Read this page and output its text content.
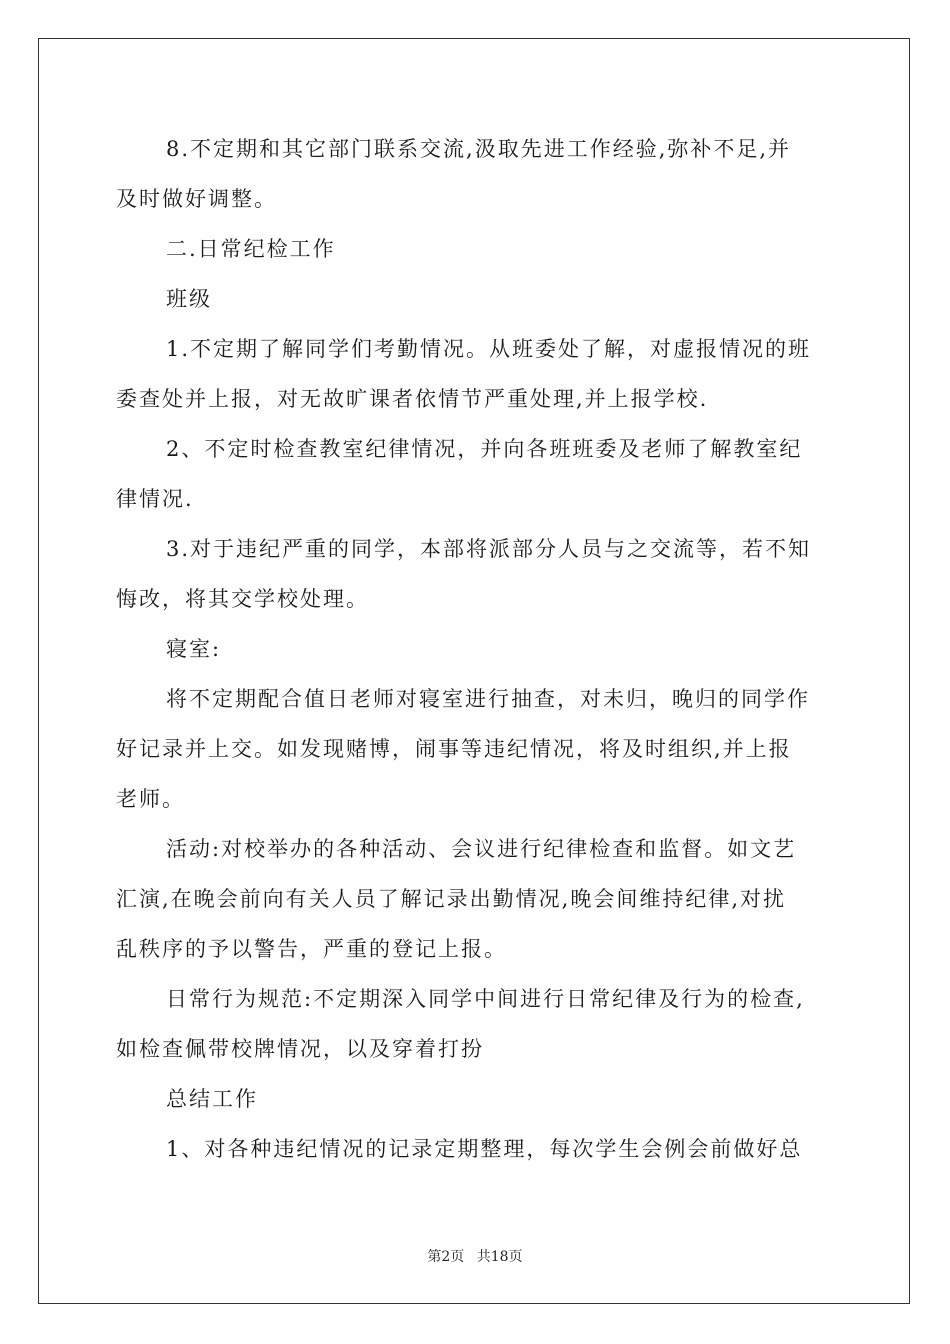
8.不定期和其它部门联系交流,汲取先进工作经验,弥补不足,并
及时做好调整。
二.日常纪检工作
班级
1.不定期了解同学们考勤情况。从班委处了解，对虚报情况的班
委查处并上报，对无故旷课者依情节严重处理,并上报学校.
2、不定时检查教室纪律情况，并向各班班委及老师了解教室纪
律情况.
3.对于违纪严重的同学，本部将派部分人员与之交流等，若不知
悔改，将其交学校处理。
寝室:
将不定期配合值日老师对寝室进行抽查，对未归，晚归的同学作
好记录并上交。如发现赌博，闹事等违纪情况，将及时组织,并上报
老师。
活动:对校举办的各种活动、会议进行纪律检查和监督。如文艺
汇演,在晚会前向有关人员了解记录出勤情况,晚会间维持纪律,对扰
乱秩序的予以警告，严重的登记上报。
日常行为规范:不定期深入同学中间进行日常纪律及行为的检查,
如检查佩带校牌情况，以及穿着打扮
总结工作
1、对各种违纪情况的记录定期整理，每次学生会例会前做好总
第2页 共18页
